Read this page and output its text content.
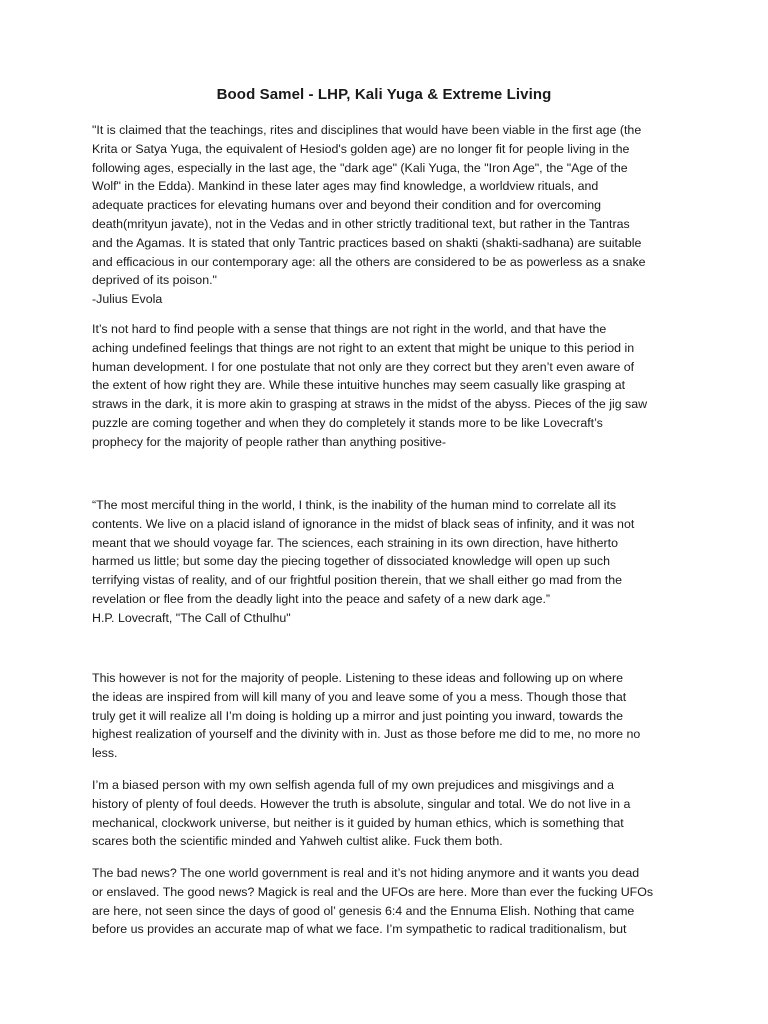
Bood Samel - LHP, Kali Yuga & Extreme Living
"It is claimed that the teachings, rites and disciplines that would have been viable in the first age (the
Krita or Satya Yuga, the equivalent of Hesiod's golden age) are no longer fit for people living in the
following ages, especially in the last age, the "dark age" (Kali Yuga, the "Iron Age", the "Age of the
Wolf" in the Edda). Mankind in these later ages may find knowledge, a worldview rituals, and
adequate practices for elevating humans over and beyond their condition and for overcoming
death(mrityun javate), not in the Vedas and in other strictly traditional text, but rather in the Tantras
and the Agamas. It is stated that only Tantric practices based on shakti (shakti-sadhana) are suitable
and efficacious in our contemporary age: all the others are considered to be as powerless as a snake
deprived of its poison."
-Julius Evola
It’s not hard to find people with a sense that things are not right in the world, and that have the
aching undefined feelings that things are not right to an extent that might be unique to this period in
human development. I for one postulate that not only are they correct but they aren’t even aware of
the extent of how right they are. While these intuitive hunches may seem casually like grasping at
straws in the dark, it is more akin to grasping at straws in the midst of the abyss. Pieces of the jig saw
puzzle are coming together and when they do completely it stands more to be like Lovecraft’s
prophecy for the majority of people rather than anything positive-
“The most merciful thing in the world, I think, is the inability of the human mind to correlate all its
contents. We live on a placid island of ignorance in the midst of black seas of infinity, and it was not
meant that we should voyage far. The sciences, each straining in its own direction, have hitherto
harmed us little; but some day the piecing together of dissociated knowledge will open up such
terrifying vistas of reality, and of our frightful position therein, that we shall either go mad from the
revelation or flee from the deadly light into the peace and safety of a new dark age.”
H.P. Lovecraft, "The Call of Cthulhu"
This however is not for the majority of people. Listening to these ideas and following up on where
the ideas are inspired from will kill many of you and leave some of you a mess. Though those that
truly get it will realize all I’m doing is holding up a mirror and just pointing you inward, towards the
highest realization of yourself and the divinity with in. Just as those before me did to me, no more no
less.
I’m a biased person with my own selfish agenda full of my own prejudices and misgivings and a
history of plenty of foul deeds. However the truth is absolute, singular and total. We do not live in a
mechanical, clockwork universe, but neither is it guided by human ethics, which is something that
scares both the scientific minded and Yahweh cultist alike. Fuck them both.
The bad news? The one world government is real and it’s not hiding anymore and it wants you dead
or enslaved. The good news? Magick is real and the UFOs are here. More than ever the fucking UFOs
are here, not seen since the days of good ol’ genesis 6:4 and the Ennuma Elish. Nothing that came
before us provides an accurate map of what we face. I’m sympathetic to radical traditionalism, but
